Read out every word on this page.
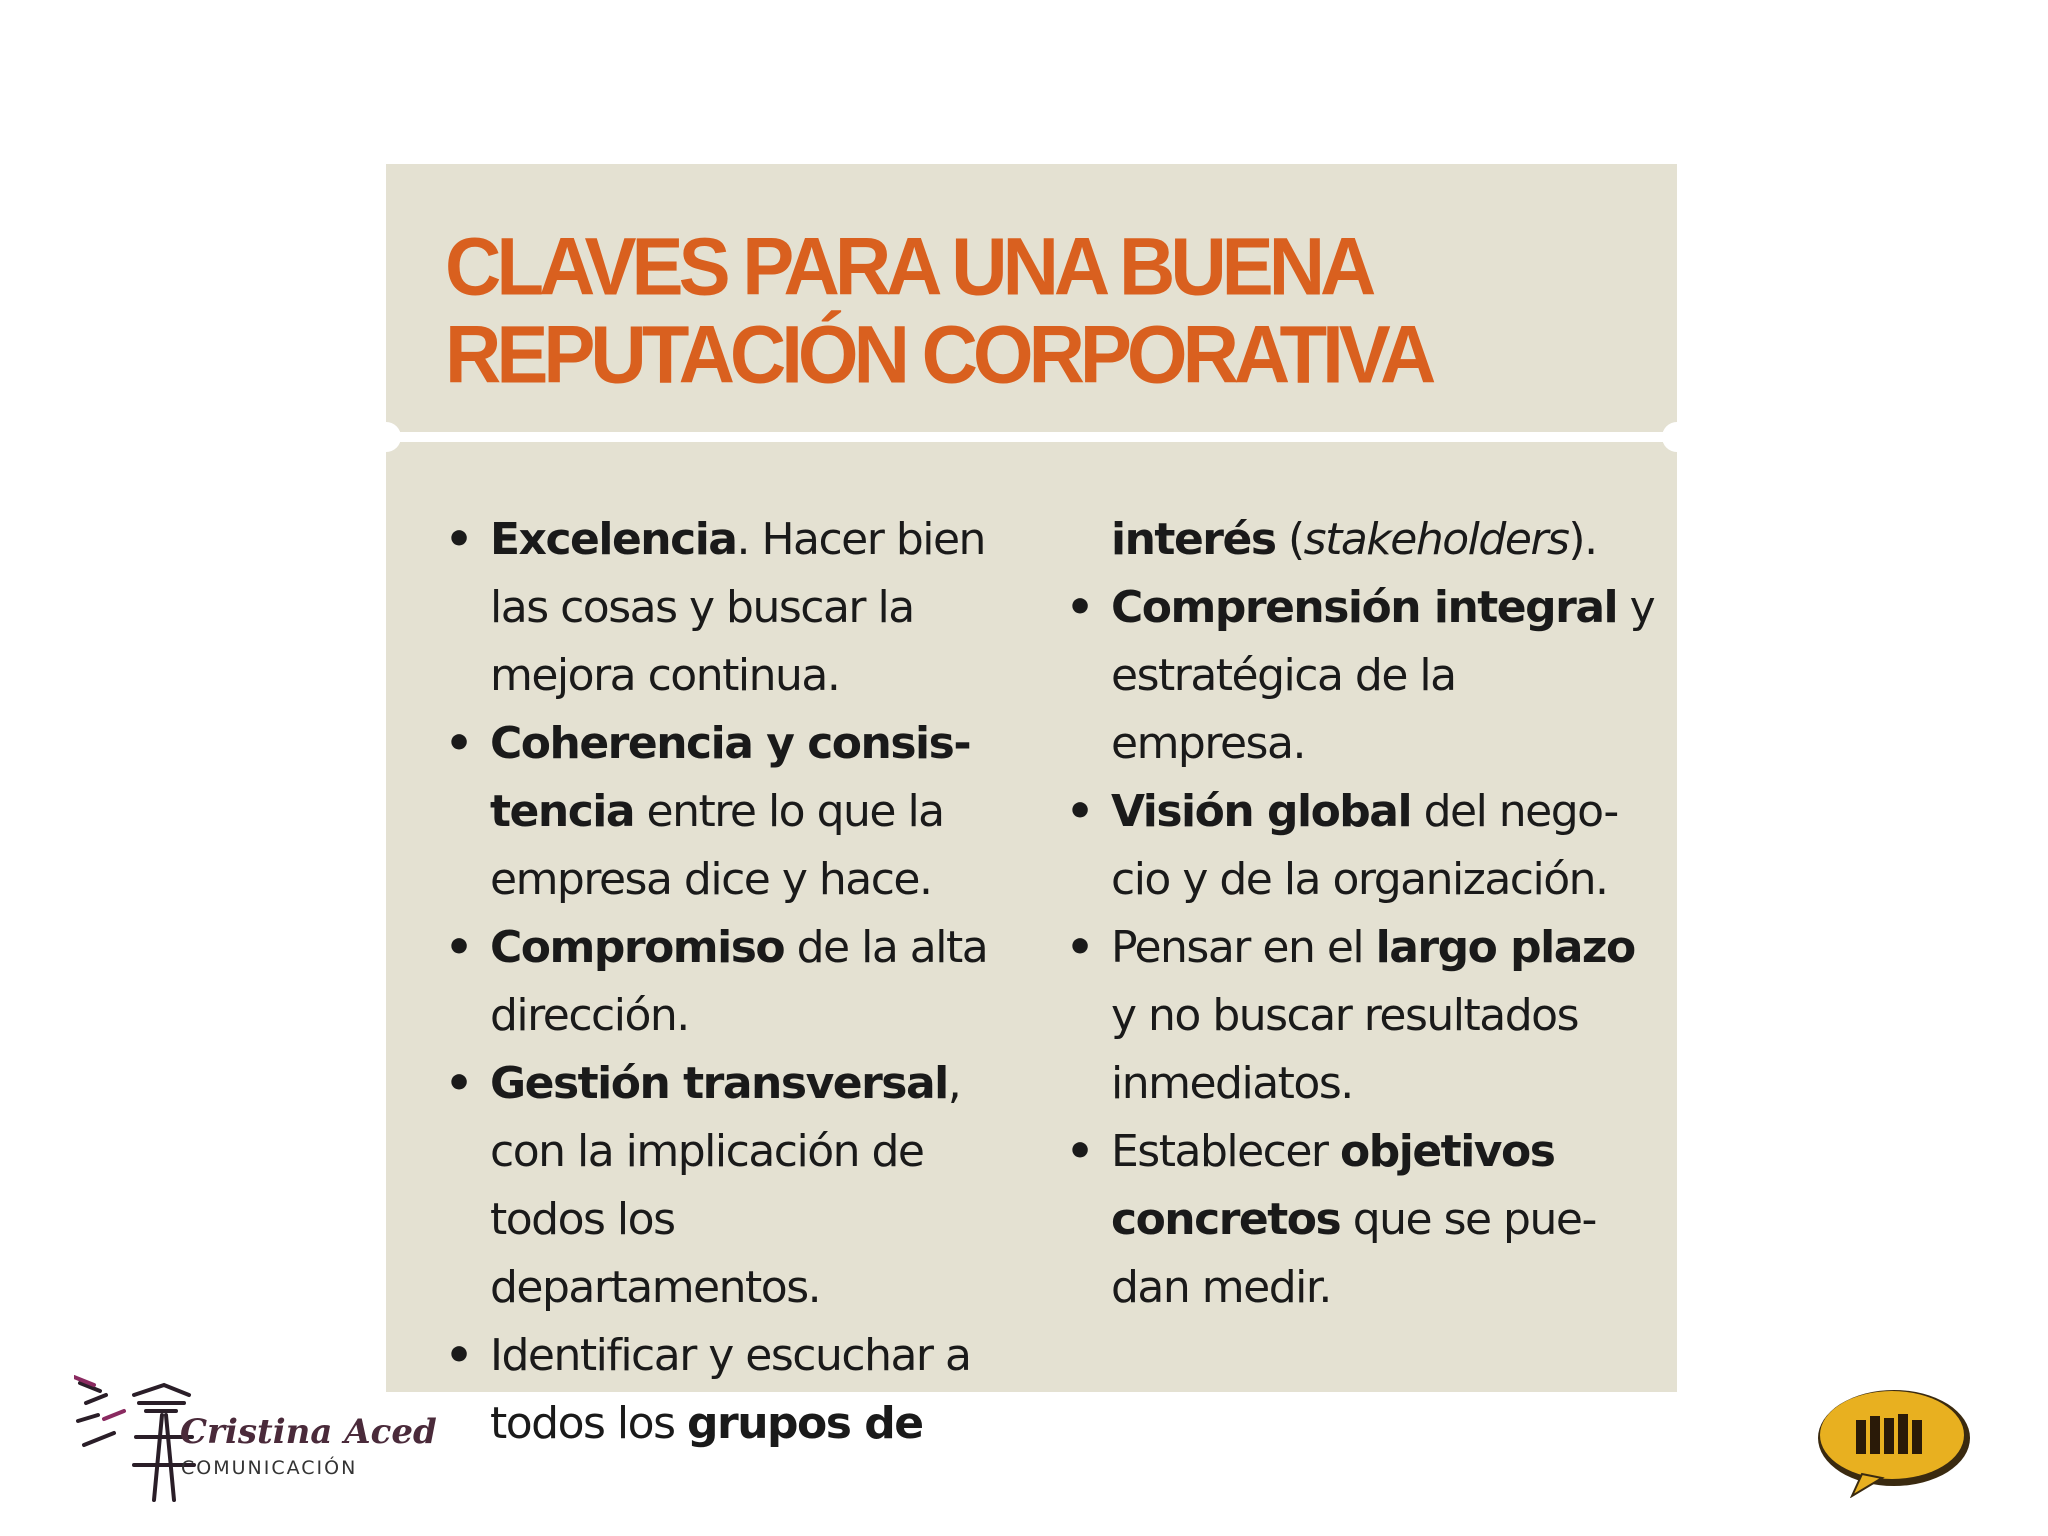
CLAVES PARA UNA BUENA
REPUTACIÓN CORPORATIVA
• Excelencia. Hacer bien las cosas y buscar la mejora continua.
• Coherencia y consis- tencia entre lo que la empresa dice y hace.
• Compromiso de la alta dirección.
• Gestión transversal, con la implicación de todos los departamentos.
• Identificar y escuchar a todos los grupos de
interés (stakeholders).
• Comprensión integral y estratégica de la empresa.
• Visión global del nego- cio y de la organización.
• Pensar en el largo plazo y no buscar resultados inmediatos.
• Establecer objetivos concretos que se pue- dan medir.
Cristina Aced
COMUNICACIÓN
